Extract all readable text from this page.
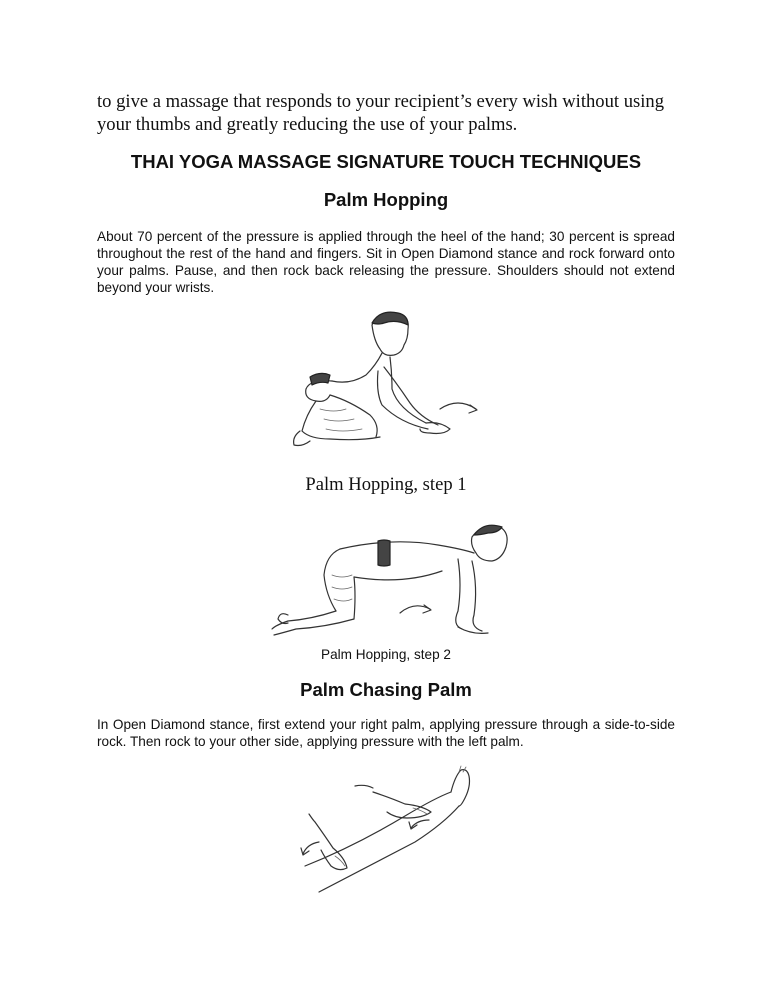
to give a massage that responds to your recipient’s every wish without using your thumbs and greatly reducing the use of your palms.

THAI YOGA MASSAGE SIGNATURE TOUCH TECHNIQUES
Palm Hopping

About 70 percent of the pressure is applied through the heel of the hand; 30 percent is spread throughout the rest of the hand and fingers. Sit in Open Diamond stance and rock forward onto your palms. Pause, and then rock back releasing the pressure. Shoulders should not extend beyond your wrists.

Palm Hopping, step 1

Palm Hopping, step 2

Palm Chasing Palm

In Open Diamond stance, first extend your right palm, applying pressure through a side-to-side rock. Then rock to your other side, applying pressure with the left palm.
